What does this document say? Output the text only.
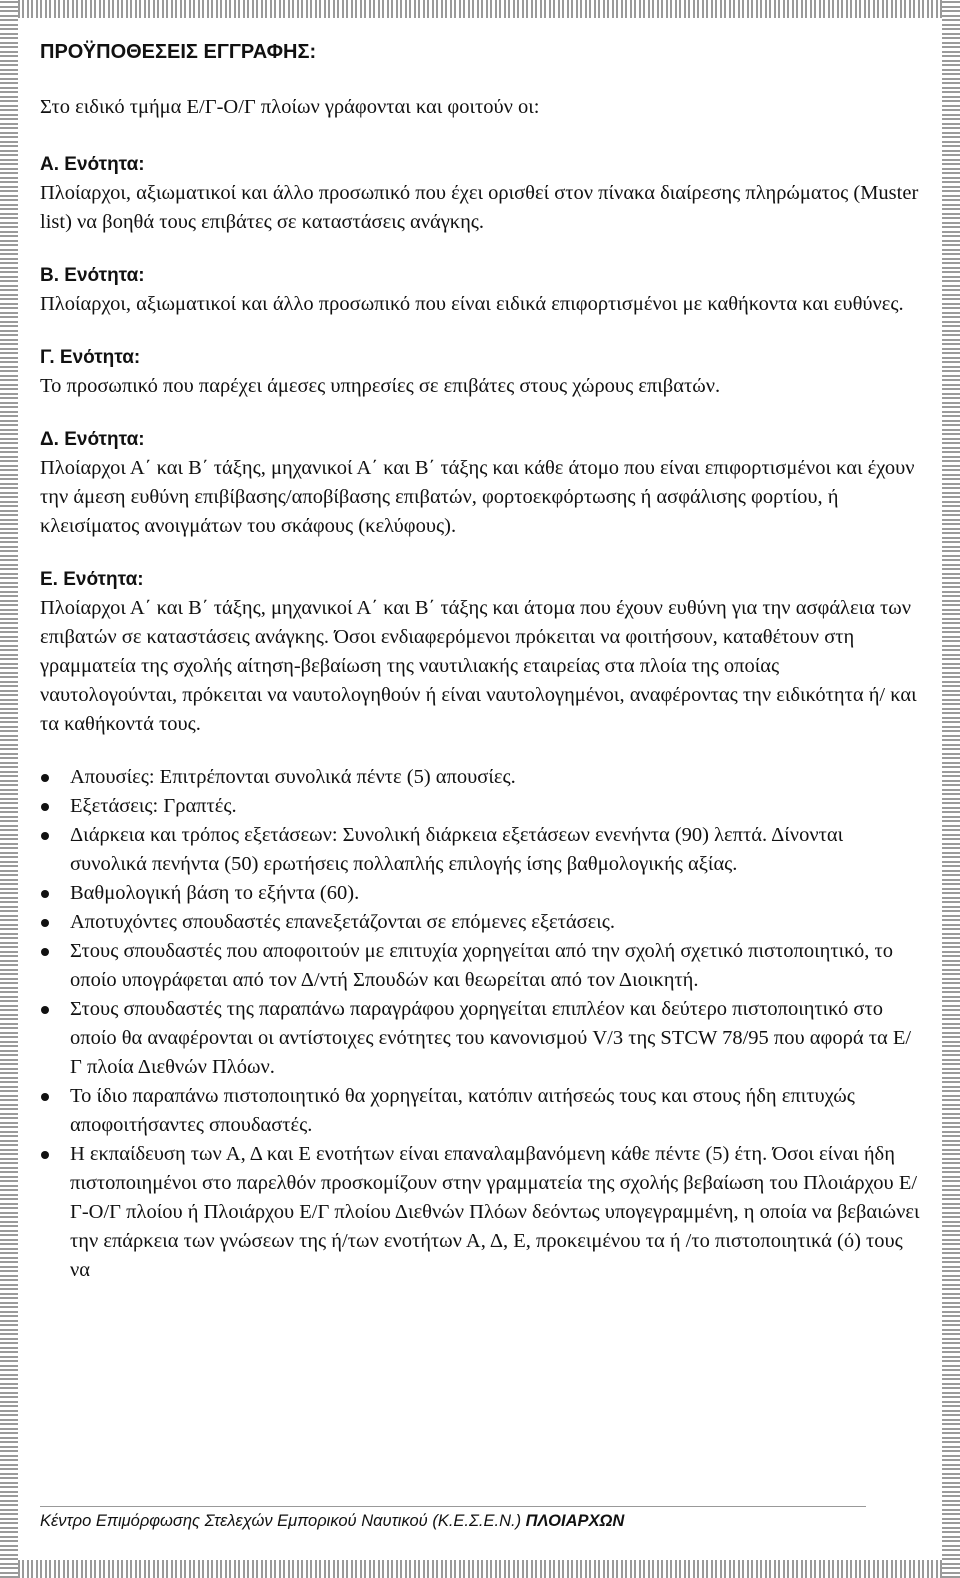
ΠΡΟΫΠΟΘΕΣΕΙΣ ΕΓΓΡΑΦΗΣ:
Στο ειδικό τμήμα Ε/Γ-Ο/Γ πλοίων γράφονται και φοιτούν οι:
Α. Ενότητα:
Πλοίαρχοι, αξιωματικοί και άλλο προσωπικό που έχει ορισθεί στον πίνακα διαίρεσης πληρώματος (Muster list) να βοηθά τους επιβάτες σε καταστάσεις ανάγκης.
Β. Ενότητα:
Πλοίαρχοι, αξιωματικοί και άλλο προσωπικό που είναι ειδικά επιφορτισμένοι με καθήκοντα και ευθύνες.
Γ. Ενότητα:
Το προσωπικό που παρέχει άμεσες υπηρεσίες σε επιβάτες στους χώρους επιβατών.
Δ. Ενότητα:
Πλοίαρχοι Α΄ και Β΄ τάξης, μηχανικοί Α΄ και Β΄ τάξης και κάθε άτομο που είναι επιφορτισμένοι και έχουν την άμεση ευθύνη επιβίβασης/αποβίβασης επιβατών, φορτοεκφόρτωσης ή ασφάλισης φορτίου, ή κλεισίματος ανοιγμάτων του σκάφους (κελύφους).
Ε. Ενότητα:
Πλοίαρχοι Α΄ και Β΄ τάξης, μηχανικοί Α΄ και Β΄ τάξης και άτομα που έχουν ευθύνη για την ασφάλεια των επιβατών σε καταστάσεις ανάγκης. Όσοι ενδιαφερόμενοι πρόκειται να φοιτήσουν, καταθέτουν στη γραμματεία της σχολής αίτηση-βεβαίωση της ναυτιλιακής εταιρείας στα πλοία της οποίας ναυτολογούνται, πρόκειται να ναυτολογηθούν ή είναι ναυτολογημένοι, αναφέροντας την ειδικότητα ή/ και τα καθήκοντά τους.
Απουσίες: Επιτρέπονται συνολικά πέντε (5) απουσίες.
Εξετάσεις: Γραπτές.
Διάρκεια και τρόπος εξετάσεων: Συνολική διάρκεια εξετάσεων ενενήντα (90) λεπτά. Δίνονται συνολικά πενήντα (50) ερωτήσεις πολλαπλής επιλογής ίσης βαθμολογικής αξίας.
Βαθμολογική βάση το εξήντα (60).
Αποτυχόντες σπουδαστές επανεξετάζονται σε επόμενες εξετάσεις.
Στους σπουδαστές που αποφοιτούν με επιτυχία χορηγείται από την σχολή σχετικό πιστοποιητικό, το οποίο υπογράφεται από τον Δ/ντή Σπουδών και θεωρείται από τον Διοικητή.
Στους σπουδαστές της παραπάνω παραγράφου χορηγείται επιπλέον και δεύτερο πιστοποιητικό στο οποίο θα αναφέρονται οι αντίστοιχες ενότητες του κανονισμού V/3 της STCW 78/95 που αφορά τα Ε/Γ πλοία Διεθνών Πλόων.
Το ίδιο παραπάνω πιστοποιητικό θα χορηγείται, κατόπιν αιτήσεώς τους και στους ήδη επιτυχώς αποφοιτήσαντες σπουδαστές.
Η εκπαίδευση των Α, Δ και Ε ενοτήτων είναι επαναλαμβανόμενη κάθε πέντε (5) έτη. Όσοι είναι ήδη πιστοποιημένοι στο παρελθόν προσκομίζουν στην γραμματεία της σχολής βεβαίωση του Πλοιάρχου Ε/Γ-Ο/Γ πλοίου ή Πλοιάρχου Ε/Γ πλοίου Διεθνών Πλόων δεόντως υπογεγραμμένη, η οποία να βεβαιώνει την επάρκεια των γνώσεων της ή/των ενοτήτων Α, Δ, Ε, προκειμένου τα ή /το πιστοποιητικά (ό) τους να
Κέντρο Επιμόρφωσης Στελεχών Εμπορικού Ναυτικού (Κ.Ε.Σ.Ε.Ν.) ΠΛΟΙΑΡΧΩΝ
